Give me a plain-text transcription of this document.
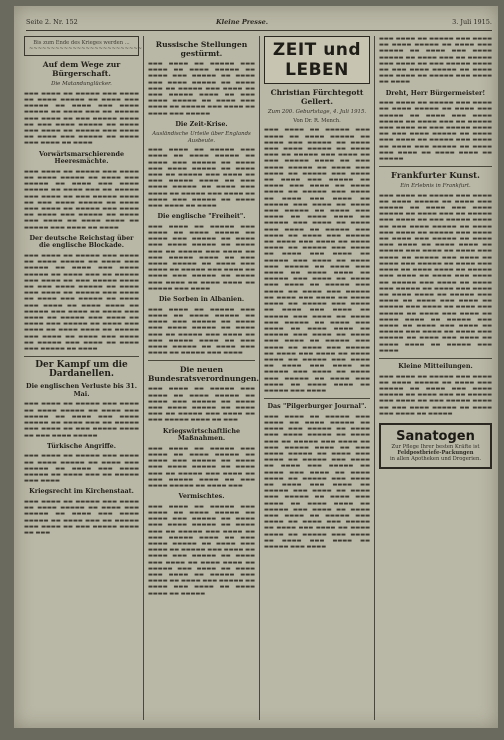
Seite 2. Nr. 152	Kleine Presse.	3. Juli 1915.

Bis zum Ende des Krieges werden ...

~~~~~~~~~~~~~~~~~~~~~~~~~~

Auf dem Wege zur Bürgerschaft.
Die Matandunglücker.

▬▬▬ ▬▬▬▬ ▬▬ ▬▬▬▬▬ ▬▬▬ ▬▬▬▬ ▬▬ ▬▬▬▬ ▬▬▬▬▬ ▬▬ ▬▬▬▬ ▬▬▬ ▬▬▬▬▬ ▬▬ ▬▬▬▬ ▬▬▬ ▬▬▬▬ ▬▬▬▬▬ ▬▬ ▬▬▬▬ ▬▬▬ ▬▬ ▬▬▬▬▬ ▬▬▬ ▬▬▬▬ ▬▬ ▬▬▬ ▬▬▬▬▬ ▬▬▬▬ ▬▬ ▬▬▬ ▬▬▬▬ ▬▬▬▬▬ ▬▬ ▬▬▬▬ ▬▬▬ ▬▬▬▬ ▬▬ ▬▬▬▬▬ ▬▬▬ ▬▬▬▬ ▬▬ ▬▬▬▬ ▬▬▬ ▬▬▬▬▬ ▬▬ ▬▬▬▬ ▬▬▬ ▬▬▬▬ ▬▬ ▬▬▬▬

Vorwärtsmarschierende Heeresmächte.

▬▬▬ ▬▬▬▬ ▬▬ ▬▬▬▬▬ ▬▬▬ ▬▬▬▬ ▬▬ ▬▬▬▬ ▬▬▬▬▬ ▬▬ ▬▬▬▬ ▬▬▬ ▬▬▬▬▬ ▬▬ ▬▬▬▬ ▬▬▬ ▬▬▬▬ ▬▬▬▬▬ ▬▬ ▬▬▬▬ ▬▬▬ ▬▬ ▬▬▬▬▬ ▬▬▬ ▬▬▬▬ ▬▬ ▬▬▬ ▬▬▬▬▬ ▬▬▬▬ ▬▬ ▬▬▬ ▬▬▬▬ ▬▬▬▬▬ ▬▬ ▬▬▬▬ ▬▬▬ ▬▬▬▬ ▬▬ ▬▬▬▬▬ ▬▬▬ ▬▬▬▬ ▬▬ ▬▬▬▬ ▬▬▬ ▬▬▬▬▬ ▬▬ ▬▬▬▬ ▬▬▬ ▬▬▬▬ ▬▬ ▬▬▬▬ ▬▬▬▬ ▬▬ ▬▬▬▬▬ ▬▬▬ ▬▬▬▬ ▬▬ ▬▬▬▬

Der deutsche Reichstag über die englische Blockade.

▬▬▬ ▬▬▬▬ ▬▬ ▬▬▬▬▬ ▬▬▬ ▬▬▬▬ ▬▬ ▬▬▬▬ ▬▬▬▬▬ ▬▬ ▬▬▬▬ ▬▬▬ ▬▬▬▬▬ ▬▬ ▬▬▬▬ ▬▬▬ ▬▬▬▬ ▬▬▬▬▬ ▬▬ ▬▬▬▬ ▬▬▬ ▬▬ ▬▬▬▬▬ ▬▬▬ ▬▬▬▬ ▬▬ ▬▬▬ ▬▬▬▬▬ ▬▬▬▬ ▬▬ ▬▬▬ ▬▬▬▬ ▬▬▬▬▬ ▬▬ ▬▬▬▬ ▬▬▬ ▬▬▬▬ ▬▬ ▬▬▬▬▬ ▬▬▬ ▬▬▬▬ ▬▬ ▬▬▬▬ ▬▬▬ ▬▬▬▬▬ ▬▬ ▬▬▬▬ ▬▬▬ ▬▬▬▬ ▬▬ ▬▬▬▬ ▬▬▬▬ ▬▬ ▬▬▬▬▬ ▬▬▬ ▬▬▬▬ ▬▬ ▬▬▬▬ ▬▬▬ ▬▬▬▬ ▬▬ ▬▬▬▬▬ ▬▬▬ ▬▬▬▬ ▬▬ ▬▬▬▬ ▬▬▬ ▬▬▬▬▬ ▬▬ ▬▬▬▬ ▬▬▬ ▬▬▬▬ ▬▬ ▬▬▬▬ ▬▬▬▬ ▬▬ ▬▬▬▬▬ ▬▬▬ ▬▬▬▬ ▬▬ ▬▬▬▬ ▬▬▬ ▬▬▬▬ ▬▬ ▬▬▬▬▬ ▬▬▬ ▬▬▬▬ ▬▬ ▬▬▬▬ ▬▬▬ ▬▬▬▬▬ ▬▬ ▬▬▬▬

Der Kampf um die Dardanellen.
Die englischen Verluste bis 31. Mai.

▬▬▬ ▬▬▬▬ ▬▬ ▬▬▬▬▬ ▬▬▬ ▬▬▬▬ ▬▬ ▬▬▬▬ ▬▬▬▬▬ ▬▬ ▬▬▬▬ ▬▬▬ ▬▬▬▬▬ ▬▬ ▬▬▬▬ ▬▬▬ ▬▬▬▬ ▬▬▬▬▬ ▬▬ ▬▬▬▬ ▬▬▬ ▬▬ ▬▬▬▬▬ ▬▬▬ ▬▬▬▬ ▬▬ ▬▬▬ ▬▬▬▬▬ ▬▬▬▬ ▬▬ ▬▬▬ ▬▬▬▬ ▬▬▬▬▬

Türkische Angriffe.

▬▬▬ ▬▬▬▬ ▬▬ ▬▬▬▬▬ ▬▬▬ ▬▬▬▬ ▬▬ ▬▬▬▬ ▬▬▬▬▬ ▬▬ ▬▬▬▬ ▬▬▬ ▬▬▬▬▬ ▬▬ ▬▬▬▬ ▬▬▬ ▬▬▬▬ ▬▬▬▬▬ ▬▬ ▬▬▬▬ ▬▬▬ ▬▬ ▬▬▬▬▬ ▬▬▬ ▬▬▬▬

Kriegsrecht im Kirchenstaat.

▬▬▬ ▬▬▬▬ ▬▬ ▬▬▬▬▬ ▬▬▬ ▬▬▬▬ ▬▬ ▬▬▬▬ ▬▬▬▬▬ ▬▬ ▬▬▬▬ ▬▬▬ ▬▬▬▬▬ ▬▬ ▬▬▬▬ ▬▬▬ ▬▬▬▬ ▬▬▬▬▬ ▬▬ ▬▬▬▬ ▬▬▬ ▬▬ ▬▬▬▬▬ ▬▬▬ ▬▬▬▬ ▬▬ ▬▬▬ ▬▬▬▬▬ ▬▬▬▬ ▬▬ ▬▬▬

Russische Stellungen gestürmt.

▬▬▬ ▬▬▬▬ ▬▬ ▬▬▬▬▬ ▬▬▬ ▬▬▬▬ ▬▬ ▬▬▬▬ ▬▬▬▬▬ ▬▬ ▬▬▬▬ ▬▬▬ ▬▬▬▬▬ ▬▬ ▬▬▬▬ ▬▬▬ ▬▬▬▬ ▬▬▬▬▬ ▬▬ ▬▬▬▬ ▬▬▬ ▬▬ ▬▬▬▬▬ ▬▬▬ ▬▬▬▬ ▬▬ ▬▬▬ ▬▬▬▬▬ ▬▬▬▬ ▬▬ ▬▬▬ ▬▬▬▬ ▬▬▬▬▬ ▬▬ ▬▬▬▬ ▬▬▬ ▬▬▬▬ ▬▬ ▬▬▬▬▬ ▬▬▬ ▬▬▬▬ ▬▬ ▬▬▬▬ ▬▬▬ ▬▬▬▬▬

Die Zeit-Krise.
Ausländische Urteile über Englands Ausbeute.

▬▬▬ ▬▬▬▬ ▬▬ ▬▬▬▬▬ ▬▬▬ ▬▬▬▬ ▬▬ ▬▬▬▬ ▬▬▬▬▬ ▬▬ ▬▬▬▬ ▬▬▬ ▬▬▬▬▬ ▬▬ ▬▬▬▬ ▬▬▬ ▬▬▬▬ ▬▬▬▬▬ ▬▬ ▬▬▬▬ ▬▬▬ ▬▬ ▬▬▬▬▬ ▬▬▬ ▬▬▬▬ ▬▬ ▬▬▬ ▬▬▬▬▬ ▬▬▬▬ ▬▬ ▬▬▬ ▬▬▬▬ ▬▬▬▬▬ ▬▬ ▬▬▬▬ ▬▬▬ ▬▬▬▬ ▬▬ ▬▬▬▬▬ ▬▬▬ ▬▬▬▬ ▬▬ ▬▬▬▬ ▬▬▬ ▬▬▬▬▬ ▬▬ ▬▬▬▬ ▬▬▬ ▬▬▬▬ ▬▬ ▬▬▬▬

Die englische "Freiheit".

▬▬▬ ▬▬▬▬ ▬▬ ▬▬▬▬▬ ▬▬▬ ▬▬▬▬ ▬▬ ▬▬▬▬ ▬▬▬▬▬ ▬▬ ▬▬▬▬ ▬▬▬ ▬▬▬▬▬ ▬▬ ▬▬▬▬ ▬▬▬ ▬▬▬▬ ▬▬▬▬▬ ▬▬ ▬▬▬▬ ▬▬▬ ▬▬ ▬▬▬▬▬ ▬▬▬ ▬▬▬▬ ▬▬ ▬▬▬ ▬▬▬▬▬ ▬▬▬▬ ▬▬ ▬▬▬ ▬▬▬▬ ▬▬▬▬▬ ▬▬ ▬▬▬▬ ▬▬▬ ▬▬▬▬ ▬▬ ▬▬▬▬▬ ▬▬▬ ▬▬▬▬ ▬▬ ▬▬▬▬ ▬▬▬ ▬▬▬▬▬ ▬▬ ▬▬▬▬ ▬▬▬ ▬▬▬▬ ▬▬ ▬▬▬▬ ▬▬▬▬ ▬▬ ▬▬▬▬▬ ▬▬▬ ▬▬▬▬

Die Sorben in Albanien.

▬▬▬ ▬▬▬▬ ▬▬ ▬▬▬▬▬ ▬▬▬ ▬▬▬▬ ▬▬ ▬▬▬▬ ▬▬▬▬▬ ▬▬ ▬▬▬▬ ▬▬▬ ▬▬▬▬▬ ▬▬ ▬▬▬▬ ▬▬▬ ▬▬▬▬ ▬▬▬▬▬ ▬▬ ▬▬▬▬ ▬▬▬ ▬▬ ▬▬▬▬▬ ▬▬▬ ▬▬▬▬ ▬▬ ▬▬▬ ▬▬▬▬▬ ▬▬▬▬ ▬▬ ▬▬▬ ▬▬▬▬ ▬▬▬▬▬ ▬▬ ▬▬▬▬ ▬▬▬ ▬▬▬▬ ▬▬ ▬▬▬▬▬ ▬▬▬ ▬▬▬▬

Die neuen Bundesratsverordnungen.

▬▬▬ ▬▬▬▬ ▬▬ ▬▬▬▬▬ ▬▬▬ ▬▬▬▬ ▬▬ ▬▬▬▬ ▬▬▬▬▬ ▬▬ ▬▬▬▬ ▬▬▬ ▬▬▬▬▬ ▬▬ ▬▬▬▬ ▬▬▬ ▬▬▬▬ ▬▬▬▬▬ ▬▬ ▬▬▬▬ ▬▬▬ ▬▬ ▬▬▬▬▬ ▬▬▬ ▬▬▬▬ ▬▬ ▬▬▬ ▬▬▬▬▬ ▬▬▬▬ ▬▬ ▬▬▬

Kriegswirtschaftliche Maßnahmen.

▬▬▬ ▬▬▬▬ ▬▬ ▬▬▬▬▬ ▬▬▬ ▬▬▬▬ ▬▬ ▬▬▬▬ ▬▬▬▬▬ ▬▬ ▬▬▬▬ ▬▬▬ ▬▬▬▬▬ ▬▬ ▬▬▬▬ ▬▬▬ ▬▬▬▬ ▬▬▬▬▬ ▬▬ ▬▬▬▬ ▬▬▬ ▬▬ ▬▬▬▬▬ ▬▬▬ ▬▬▬▬ ▬▬ ▬▬▬ ▬▬▬▬▬ ▬▬▬▬ ▬▬ ▬▬▬ ▬▬▬▬ ▬▬▬▬▬ ▬▬ ▬▬▬▬ ▬▬▬

Vermischtes.

▬▬▬ ▬▬▬▬ ▬▬ ▬▬▬▬▬ ▬▬▬ ▬▬▬▬ ▬▬ ▬▬▬▬ ▬▬▬▬▬ ▬▬ ▬▬▬▬ ▬▬▬ ▬▬▬▬▬ ▬▬ ▬▬▬▬ ▬▬▬ ▬▬▬▬ ▬▬▬▬▬ ▬▬ ▬▬▬▬ ▬▬▬ ▬▬ ▬▬▬▬▬ ▬▬▬ ▬▬▬▬ ▬▬ ▬▬▬ ▬▬▬▬▬ ▬▬▬▬ ▬▬ ▬▬▬ ▬▬▬▬ ▬▬▬▬▬ ▬▬ ▬▬▬▬ ▬▬▬ ▬▬▬▬ ▬▬ ▬▬▬▬▬ ▬▬▬ ▬▬▬▬ ▬▬ ▬▬▬▬ ▬▬▬ ▬▬▬▬▬ ▬▬ ▬▬▬▬ ▬▬▬ ▬▬▬▬ ▬▬ ▬▬▬▬ ▬▬▬▬ ▬▬ ▬▬▬▬▬ ▬▬▬ ▬▬▬▬ ▬▬ ▬▬▬▬ ▬▬▬ ▬▬▬▬ ▬▬ ▬▬▬▬▬ ▬▬▬ ▬▬▬▬ ▬▬ ▬▬▬▬ ▬▬▬ ▬▬▬▬▬ ▬▬ ▬▬▬▬ ▬▬▬ ▬▬▬▬ ▬▬ ▬▬▬▬ ▬▬▬▬ ▬▬ ▬▬▬▬▬

ZEIT und LEBEN
Christian Fürchtegott Gellert.
Zum 200. Geburtstage, 4. Juli 1915.
Von Dr. R. Mench.

▬▬▬ ▬▬▬▬ ▬▬ ▬▬▬▬▬ ▬▬▬ ▬▬▬▬ ▬▬ ▬▬▬▬ ▬▬▬▬▬ ▬▬ ▬▬▬▬ ▬▬▬ ▬▬▬▬▬ ▬▬ ▬▬▬▬ ▬▬▬ ▬▬▬▬ ▬▬▬▬▬ ▬▬ ▬▬▬▬ ▬▬▬ ▬▬ ▬▬▬▬▬ ▬▬▬ ▬▬▬▬ ▬▬ ▬▬▬ ▬▬▬▬▬ ▬▬▬▬ ▬▬ ▬▬▬ ▬▬▬▬ ▬▬▬▬▬ ▬▬ ▬▬▬▬ ▬▬▬ ▬▬▬▬ ▬▬ ▬▬▬▬▬ ▬▬▬ ▬▬▬▬ ▬▬ ▬▬▬▬ ▬▬▬ ▬▬▬▬▬ ▬▬ ▬▬▬▬ ▬▬▬ ▬▬▬▬ ▬▬ ▬▬▬▬ ▬▬▬▬ ▬▬ ▬▬▬▬▬ ▬▬▬ ▬▬▬▬ ▬▬ ▬▬▬▬ ▬▬▬ ▬▬▬▬ ▬▬ ▬▬▬▬▬ ▬▬▬ ▬▬▬▬ ▬▬ ▬▬▬▬ ▬▬▬ ▬▬▬▬▬ ▬▬ ▬▬▬▬ ▬▬▬ ▬▬▬▬ ▬▬ ▬▬▬▬ ▬▬▬▬ ▬▬ ▬▬▬▬▬ ▬▬▬ ▬▬▬▬ ▬▬ ▬▬▬▬ ▬▬▬ ▬▬▬▬ ▬▬ ▬▬▬▬▬ ▬▬▬ ▬▬▬▬ ▬▬ ▬▬▬▬ ▬▬▬ ▬▬▬▬▬ ▬▬ ▬▬▬▬ ▬▬▬ ▬▬▬▬ ▬▬ ▬▬▬▬ ▬▬▬▬ ▬▬ ▬▬▬▬▬ ▬▬▬ ▬▬▬▬ ▬▬ ▬▬▬▬ ▬▬▬ ▬▬▬▬ ▬▬ ▬▬▬▬▬ ▬▬▬ ▬▬▬▬ ▬▬ ▬▬▬▬ ▬▬▬ ▬▬▬▬▬ ▬▬ ▬▬▬▬ ▬▬▬ ▬▬▬▬ ▬▬ ▬▬▬▬ ▬▬▬▬ ▬▬ ▬▬▬▬▬ ▬▬▬ ▬▬▬▬ ▬▬ ▬▬▬▬ ▬▬▬ ▬▬▬▬ ▬▬ ▬▬▬▬▬ ▬▬▬ ▬▬▬▬ ▬▬ ▬▬▬▬ ▬▬▬ ▬▬▬▬▬ ▬▬ ▬▬▬▬ ▬▬▬ ▬▬▬▬ ▬▬ ▬▬▬▬ ▬▬▬▬ ▬▬ ▬▬▬▬▬ ▬▬▬ ▬▬▬▬ ▬▬ ▬▬▬▬ ▬▬▬ ▬▬▬▬ ▬▬ ▬▬▬▬▬ ▬▬▬ ▬▬▬▬ ▬▬ ▬▬▬▬ ▬▬▬ ▬▬▬▬▬ ▬▬ ▬▬▬▬ ▬▬▬ ▬▬▬▬ ▬▬ ▬▬▬▬ ▬▬▬▬ ▬▬ ▬▬▬▬▬ ▬▬▬ ▬▬▬▬ ▬▬ ▬▬▬▬ ▬▬▬ ▬▬▬▬ ▬▬ ▬▬▬▬▬ ▬▬▬ ▬▬▬▬ ▬▬ ▬▬▬▬ ▬▬▬ ▬▬▬▬▬ ▬▬ ▬▬▬▬ ▬▬▬ ▬▬▬▬ ▬▬ ▬▬▬▬ ▬▬▬▬ ▬▬ ▬▬▬▬▬ ▬▬▬ ▬▬▬▬ ▬▬ ▬▬▬▬ ▬▬▬ ▬▬▬▬ ▬▬ ▬▬▬▬▬ ▬▬▬ ▬▬▬▬ ▬▬ ▬▬▬▬ ▬▬▬ ▬▬▬▬▬ ▬▬ ▬▬▬▬ ▬▬▬ ▬▬▬▬ ▬▬ ▬▬▬▬ ▬▬▬▬ ▬▬ ▬▬▬▬▬ ▬▬▬ ▬▬▬▬

Das "Pilgerburger Journal".

▬▬▬ ▬▬▬▬ ▬▬ ▬▬▬▬▬ ▬▬▬ ▬▬▬▬ ▬▬ ▬▬▬▬ ▬▬▬▬▬ ▬▬ ▬▬▬▬ ▬▬▬ ▬▬▬▬▬ ▬▬ ▬▬▬▬ ▬▬▬ ▬▬▬▬ ▬▬▬▬▬ ▬▬ ▬▬▬▬ ▬▬▬ ▬▬ ▬▬▬▬▬ ▬▬▬ ▬▬▬▬ ▬▬ ▬▬▬ ▬▬▬▬▬ ▬▬▬▬ ▬▬ ▬▬▬ ▬▬▬▬ ▬▬▬▬▬ ▬▬ ▬▬▬▬ ▬▬▬ ▬▬▬▬ ▬▬ ▬▬▬▬▬ ▬▬▬ ▬▬▬▬ ▬▬ ▬▬▬▬ ▬▬▬ ▬▬▬▬▬ ▬▬ ▬▬▬▬ ▬▬▬ ▬▬▬▬ ▬▬ ▬▬▬▬ ▬▬▬▬ ▬▬ ▬▬▬▬▬ ▬▬▬ ▬▬▬▬ ▬▬ ▬▬▬▬ ▬▬▬ ▬▬▬▬ ▬▬ ▬▬▬▬▬ ▬▬▬ ▬▬▬▬ ▬▬ ▬▬▬▬ ▬▬▬ ▬▬▬▬▬ ▬▬ ▬▬▬▬ ▬▬▬ ▬▬▬▬ ▬▬ ▬▬▬▬ ▬▬▬▬ ▬▬ ▬▬▬▬▬ ▬▬▬ ▬▬▬▬ ▬▬ ▬▬▬▬ ▬▬▬ ▬▬▬▬ ▬▬ ▬▬▬▬▬ ▬▬▬ ▬▬▬▬ ▬▬ ▬▬▬▬ ▬▬▬ ▬▬▬▬▬ ▬▬ ▬▬▬▬ ▬▬▬ ▬▬▬▬ ▬▬ ▬▬▬▬ ▬▬▬▬ ▬▬ ▬▬▬▬▬ ▬▬▬ ▬▬▬▬ ▬▬ ▬▬▬▬ ▬▬▬ ▬▬▬▬ ▬▬ ▬▬▬▬▬ ▬▬▬ ▬▬▬▬

▬▬▬ ▬▬▬▬ ▬▬ ▬▬▬▬▬ ▬▬▬ ▬▬▬▬ ▬▬ ▬▬▬▬ ▬▬▬▬▬ ▬▬ ▬▬▬▬ ▬▬▬ ▬▬▬▬▬ ▬▬ ▬▬▬▬ ▬▬▬ ▬▬▬▬ ▬▬▬▬▬ ▬▬ ▬▬▬▬ ▬▬▬ ▬▬ ▬▬▬▬▬ ▬▬▬ ▬▬▬▬ ▬▬ ▬▬▬ ▬▬▬▬▬ ▬▬▬▬ ▬▬ ▬▬▬ ▬▬▬▬ ▬▬▬▬▬ ▬▬ ▬▬▬▬ ▬▬▬ ▬▬▬▬ ▬▬ ▬▬▬▬▬ ▬▬▬ ▬▬▬▬ ▬▬ ▬▬▬▬

Dreht, Herr Bürgermeister!

▬▬▬ ▬▬▬▬ ▬▬ ▬▬▬▬▬ ▬▬▬ ▬▬▬▬ ▬▬ ▬▬▬▬ ▬▬▬▬▬ ▬▬ ▬▬▬▬ ▬▬▬ ▬▬▬▬▬ ▬▬ ▬▬▬▬ ▬▬▬ ▬▬▬▬ ▬▬▬▬▬ ▬▬ ▬▬▬▬ ▬▬▬ ▬▬ ▬▬▬▬▬ ▬▬▬ ▬▬▬▬ ▬▬ ▬▬▬ ▬▬▬▬▬ ▬▬▬▬ ▬▬ ▬▬▬ ▬▬▬▬ ▬▬▬▬▬ ▬▬ ▬▬▬▬ ▬▬▬ ▬▬▬▬ ▬▬ ▬▬▬▬▬ ▬▬▬ ▬▬▬▬ ▬▬ ▬▬▬▬ ▬▬▬ ▬▬▬▬▬ ▬▬ ▬▬▬▬ ▬▬▬ ▬▬▬▬ ▬▬ ▬▬▬▬ ▬▬▬▬ ▬▬ ▬▬▬▬▬

Frankfurter Kunst.
Ein Erlebnis in Frankfurt.

▬▬▬ ▬▬▬▬ ▬▬ ▬▬▬▬▬ ▬▬▬ ▬▬▬▬ ▬▬ ▬▬▬▬ ▬▬▬▬▬ ▬▬ ▬▬▬▬ ▬▬▬ ▬▬▬▬▬ ▬▬ ▬▬▬▬ ▬▬▬ ▬▬▬▬ ▬▬▬▬▬ ▬▬ ▬▬▬▬ ▬▬▬ ▬▬ ▬▬▬▬▬ ▬▬▬ ▬▬▬▬ ▬▬ ▬▬▬ ▬▬▬▬▬ ▬▬▬▬ ▬▬ ▬▬▬ ▬▬▬▬ ▬▬▬▬▬ ▬▬ ▬▬▬▬ ▬▬▬ ▬▬▬▬ ▬▬ ▬▬▬▬▬ ▬▬▬ ▬▬▬▬ ▬▬ ▬▬▬▬ ▬▬▬ ▬▬▬▬▬ ▬▬ ▬▬▬▬ ▬▬▬ ▬▬▬▬ ▬▬ ▬▬▬▬ ▬▬▬▬ ▬▬ ▬▬▬▬▬ ▬▬▬ ▬▬▬▬ ▬▬ ▬▬▬▬ ▬▬▬ ▬▬▬▬ ▬▬ ▬▬▬▬▬ ▬▬▬ ▬▬▬▬ ▬▬ ▬▬▬▬ ▬▬▬ ▬▬▬▬▬ ▬▬ ▬▬▬▬ ▬▬▬ ▬▬▬▬ ▬▬ ▬▬▬▬ ▬▬▬▬ ▬▬ ▬▬▬▬▬ ▬▬▬ ▬▬▬▬ ▬▬ ▬▬▬▬ ▬▬▬ ▬▬▬▬ ▬▬ ▬▬▬▬▬ ▬▬▬ ▬▬▬▬ ▬▬ ▬▬▬▬ ▬▬▬ ▬▬▬▬▬ ▬▬ ▬▬▬▬ ▬▬▬ ▬▬▬▬ ▬▬ ▬▬▬▬ ▬▬▬▬ ▬▬ ▬▬▬▬▬ ▬▬▬ ▬▬▬▬ ▬▬ ▬▬▬▬ ▬▬▬ ▬▬▬▬ ▬▬ ▬▬▬▬▬ ▬▬▬ ▬▬▬▬ ▬▬ ▬▬▬▬ ▬▬▬ ▬▬▬▬▬ ▬▬ ▬▬▬▬ ▬▬▬ ▬▬▬▬ ▬▬ ▬▬▬▬ ▬▬▬▬ ▬▬ ▬▬▬▬▬ ▬▬▬ ▬▬▬▬ ▬▬ ▬▬▬▬ ▬▬▬ ▬▬▬▬ ▬▬ ▬▬▬▬▬ ▬▬▬ ▬▬▬▬ ▬▬ ▬▬▬▬ ▬▬▬ ▬▬▬▬▬ ▬▬ ▬▬▬▬ ▬▬▬ ▬▬▬▬ ▬▬ ▬▬▬▬ ▬▬▬▬ ▬▬ ▬▬▬▬▬ ▬▬▬ ▬▬▬▬

Kleine Mitteilungen.

▬▬▬ ▬▬▬▬ ▬▬ ▬▬▬▬▬ ▬▬▬ ▬▬▬▬ ▬▬ ▬▬▬▬ ▬▬▬▬▬ ▬▬ ▬▬▬▬ ▬▬▬ ▬▬▬▬▬ ▬▬ ▬▬▬▬ ▬▬▬ ▬▬▬▬ ▬▬▬▬▬ ▬▬ ▬▬▬▬ ▬▬▬ ▬▬ ▬▬▬▬▬ ▬▬▬ ▬▬▬▬ ▬▬ ▬▬▬ ▬▬▬▬▬ ▬▬▬▬ ▬▬ ▬▬▬ ▬▬▬▬ ▬▬▬▬▬ ▬▬ ▬▬▬▬ ▬▬▬ ▬▬▬▬ ▬▬ ▬▬▬▬▬

Sanatogen
Zur Pflege Ihrer besten Kräfte ist
Feldpostbriefe-Packungen
in allen Apotheken und Drogerien.
